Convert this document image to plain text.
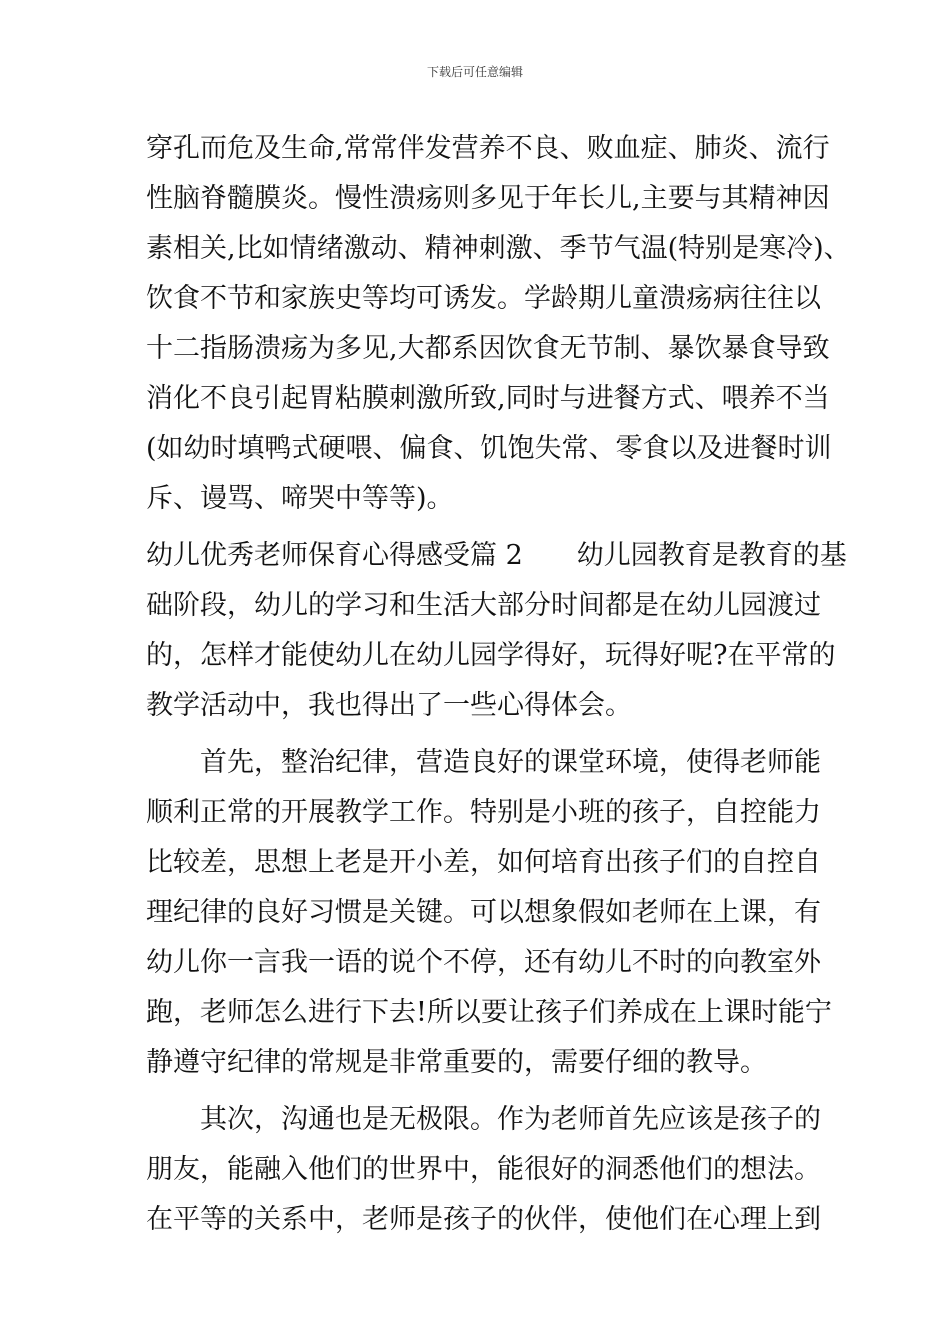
下载后可任意编辑
穿孔而危及生命,常常伴发营养不良、败血症、肺炎、流行
性脑脊髓膜炎。慢性溃疡则多见于年长儿,主要与其精神因
素相关,比如情绪激动、精神刺激、季节气温(特别是寒冷)、
饮食不节和家族史等均可诱发。学龄期儿童溃疡病往往以
十二指肠溃疡为多见,大都系因饮食无节制、暴饮暴食导致
消化不良引起胃粘膜刺激所致,同时与进餐方式、喂养不当
(如幼时填鸭式硬喂、偏食、饥饱失常、零食以及进餐时训
斥、谩骂、啼哭中等等)。
幼儿优秀老师保育心得感受篇 2　　幼儿园教育是教育的基
础阶段，幼儿的学习和生活大部分时间都是在幼儿园渡过
的，怎样才能使幼儿在幼儿园学得好，玩得好呢?在平常的
教学活动中，我也得出了一些心得体会。
首先，整治纪律，营造良好的课堂环境，使得老师能
顺利正常的开展教学工作。特别是小班的孩子，自控能力
比较差，思想上老是开小差，如何培育出孩子们的自控自
理纪律的良好习惯是关键。可以想象假如老师在上课，有
幼儿你一言我一语的说个不停，还有幼儿不时的向教室外
跑，老师怎么进行下去!所以要让孩子们养成在上课时能宁
静遵守纪律的常规是非常重要的，需要仔细的教导。
其次，沟通也是无极限。作为老师首先应该是孩子的
朋友，能融入他们的世界中，能很好的洞悉他们的想法。
在平等的关系中，老师是孩子的伙伴，使他们在心理上到
